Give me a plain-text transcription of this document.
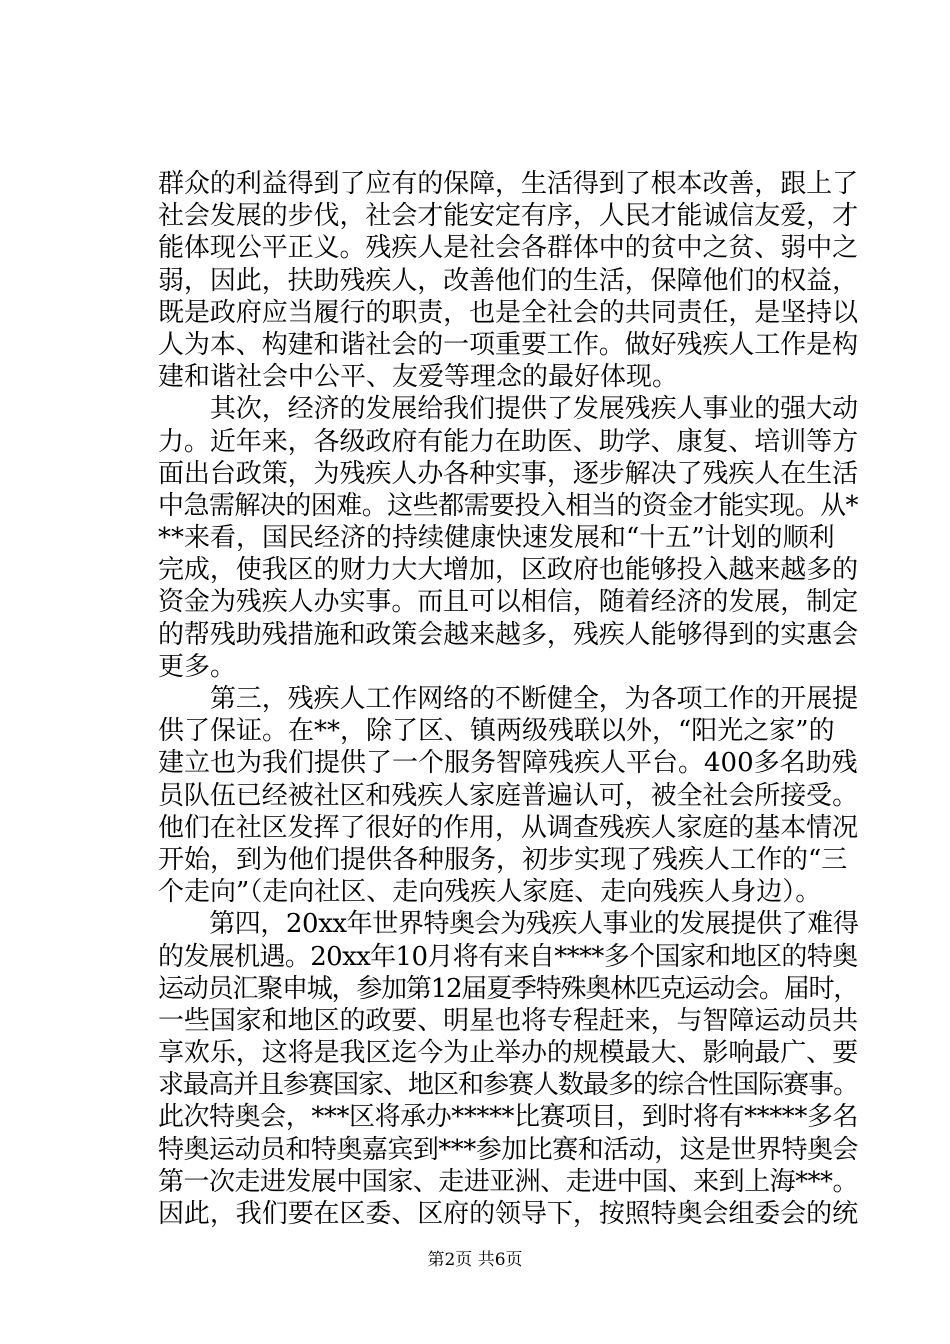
群众的利益得到了应有的保障，生活得到了根本改善，跟上了
社会发展的步伐，社会才能安定有序，人民才能诚信友爱，才
能体现公平正义。残疾人是社会各群体中的贫中之贫、弱中之
弱，因此，扶助残疾人，改善他们的生活，保障他们的权益，
既是政府应当履行的职责，也是全社会的共同责任，是坚持以
人为本、构建和谐社会的一项重要工作。做好残疾人工作是构
建和谐社会中公平、友爱等理念的最好体现。
　　其次，经济的发展给我们提供了发展残疾人事业的强大动
力。近年来，各级政府有能力在助医、助学、康复、培训等方
面出台政策，为残疾人办各种实事，逐步解决了残疾人在生活
中急需解决的困难。这些都需要投入相当的资金才能实现。从*
**来看，国民经济的持续健康快速发展和“十五”计划的顺利
完成，使我区的财力大大增加，区政府也能够投入越来越多的
资金为残疾人办实事。而且可以相信，随着经济的发展，制定
的帮残助残措施和政策会越来越多，残疾人能够得到的实惠会
更多。
　　第三，残疾人工作网络的不断健全，为各项工作的开展提
供了保证。在**，除了区、镇两级残联以外，“阳光之家”的
建立也为我们提供了一个服务智障残疾人平台。400多名助残
员队伍已经被社区和残疾人家庭普遍认可，被全社会所接受。
他们在社区发挥了很好的作用，从调查残疾人家庭的基本情况
开始，到为他们提供各种服务，初步实现了残疾人工作的“三
个走向”（走向社区、走向残疾人家庭、走向残疾人身边）。
　　第四，20xx年世界特奥会为残疾人事业的发展提供了难得
的发展机遇。20xx年10月将有来自****多个国家和地区的特奥
运动员汇聚申城，参加第12届夏季特殊奥林匹克运动会。届时，
一些国家和地区的政要、明星也将专程赶来，与智障运动员共
享欢乐，这将是我区迄今为止举办的规模最大、影响最广、要
求最高并且参赛国家、地区和参赛人数最多的综合性国际赛事。
此次特奥会，***区将承办*****比赛项目，到时将有*****多名
特奥运动员和特奥嘉宾到***参加比赛和活动，这是世界特奥会
第一次走进发展中国家、走进亚洲、走进中国、来到上海***。
因此，我们要在区委、区府的领导下，按照特奥会组委会的统
第2页 共6页
